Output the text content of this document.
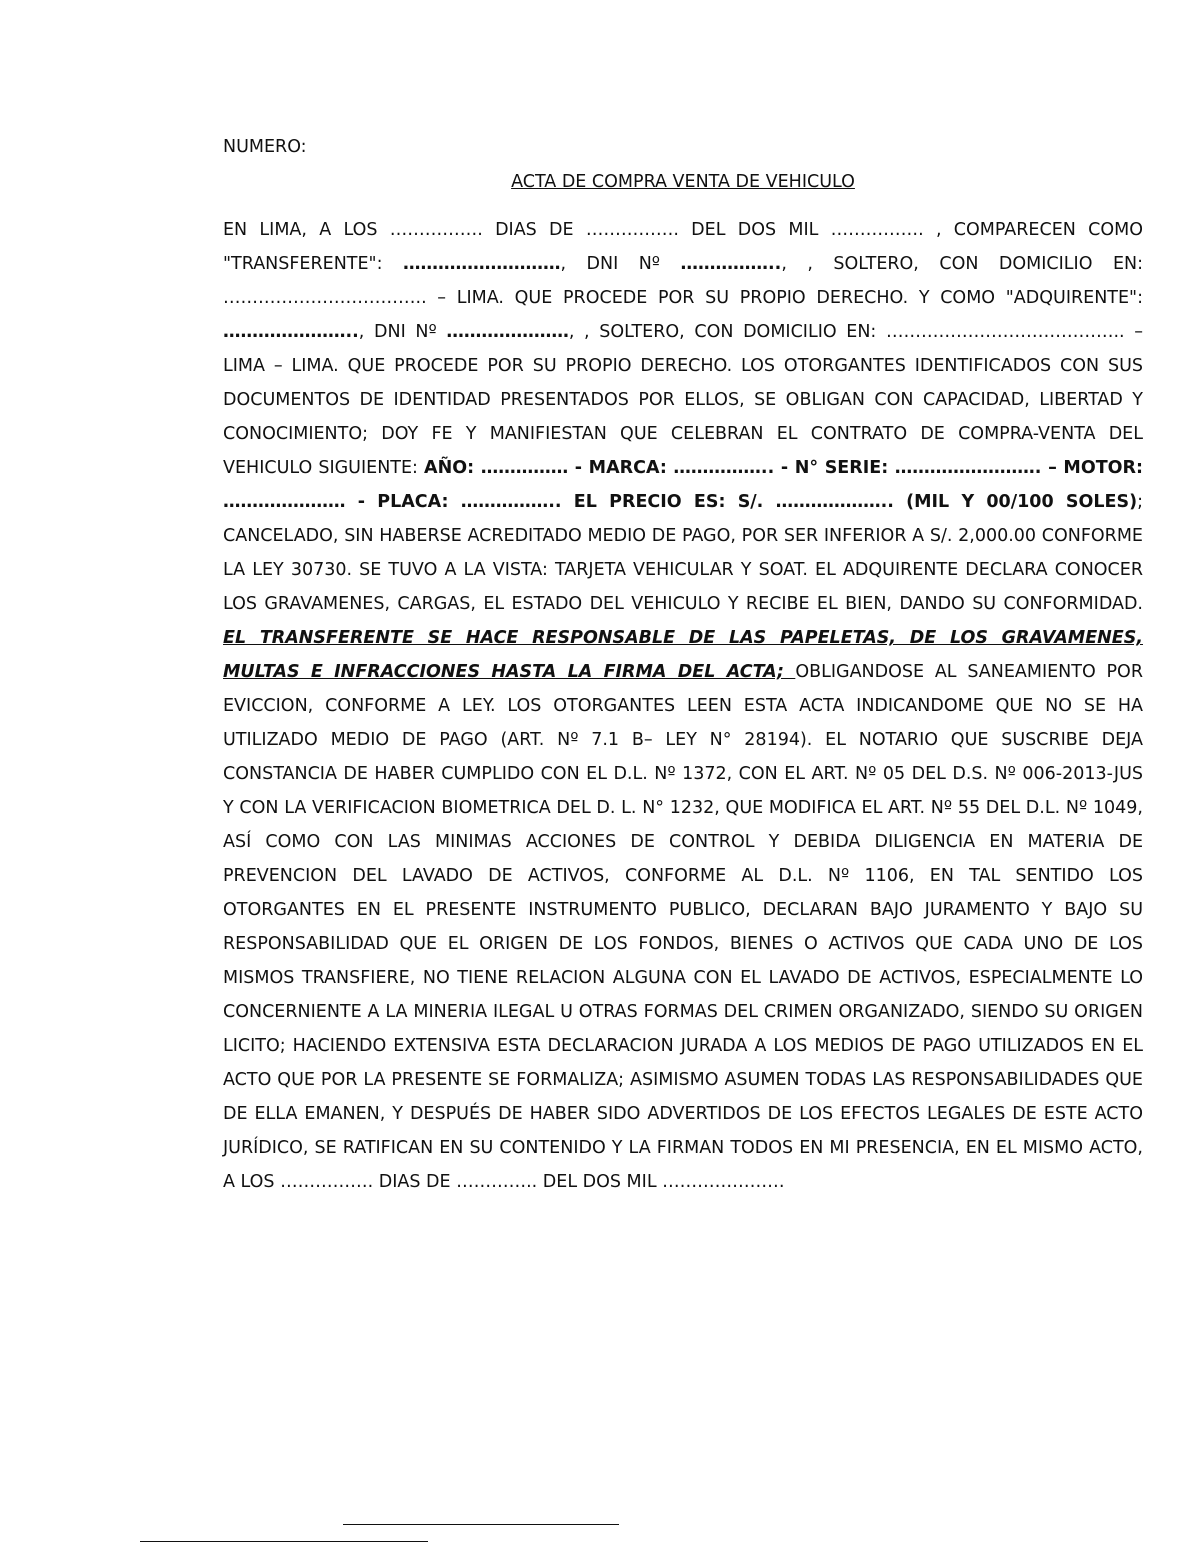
NUMERO:
ACTA DE COMPRA VENTA DE VEHICULO
EN LIMA, A LOS ……………. DIAS DE ……………. DEL DOS MIL ……………. , COMPARECEN COMO "TRANSFERENTE": ………………………, DNI Nº …………….., , SOLTERO, CON DOMICILIO EN: …………………………….. – LIMA. QUE PROCEDE POR SU PROPIO DERECHO. Y COMO "ADQUIRENTE": ………………….., DNI Nº …………………, , SOLTERO, CON DOMICILIO EN: ………………………………….. – LIMA – LIMA. QUE PROCEDE POR SU PROPIO DERECHO. LOS OTORGANTES IDENTIFICADOS CON SUS DOCUMENTOS DE IDENTIDAD PRESENTADOS POR ELLOS, SE OBLIGAN CON CAPACIDAD, LIBERTAD Y CONOCIMIENTO; DOY FE Y MANIFIESTAN QUE CELEBRAN EL CONTRATO DE COMPRA-VENTA DEL VEHICULO SIGUIENTE: AÑO: …………… - MARCA: …………….. - N° SERIE: ……………………. – MOTOR: ………………… - PLACA: …………….. EL PRECIO ES: S/. ……………….. (MIL Y 00/100 SOLES); CANCELADO, SIN HABERSE ACREDITADO MEDIO DE PAGO, POR SER INFERIOR A S/. 2,000.00 CONFORME LA LEY 30730. SE TUVO A LA VISTA: TARJETA VEHICULAR Y SOAT. EL ADQUIRENTE DECLARA CONOCER LOS GRAVAMENES, CARGAS, EL ESTADO DEL VEHICULO Y RECIBE EL BIEN, DANDO SU CONFORMIDAD. EL TRANSFERENTE SE HACE RESPONSABLE DE LAS PAPELETAS, DE LOS GRAVAMENES, MULTAS E INFRACCIONES HASTA LA FIRMA DEL ACTA; OBLIGANDOSE AL SANEAMIENTO POR EVICCION, CONFORME A LEY. LOS OTORGANTES LEEN ESTA ACTA INDICANDOME QUE NO SE HA UTILIZADO MEDIO DE PAGO (ART. Nº 7.1 B– LEY N° 28194). EL NOTARIO QUE SUSCRIBE DEJA CONSTANCIA DE HABER CUMPLIDO CON EL D.L. Nº 1372, CON EL ART. Nº 05 DEL D.S. Nº 006-2013-JUS Y CON LA VERIFICACION BIOMETRICA DEL D. L. N° 1232, QUE MODIFICA EL ART. Nº 55 DEL D.L. Nº 1049, ASÍ COMO CON LAS MINIMAS ACCIONES DE CONTROL Y DEBIDA DILIGENCIA EN MATERIA DE PREVENCION DEL LAVADO DE ACTIVOS, CONFORME AL D.L. Nº 1106, EN TAL SENTIDO LOS OTORGANTES EN EL PRESENTE INSTRUMENTO PUBLICO, DECLARAN BAJO JURAMENTO Y BAJO SU RESPONSABILIDAD QUE EL ORIGEN DE LOS FONDOS, BIENES O ACTIVOS QUE CADA UNO DE LOS MISMOS TRANSFIERE, NO TIENE RELACION ALGUNA CON EL LAVADO DE ACTIVOS, ESPECIALMENTE LO CONCERNIENTE A LA MINERIA ILEGAL U OTRAS FORMAS DEL CRIMEN ORGANIZADO, SIENDO SU ORIGEN LICITO; HACIENDO EXTENSIVA ESTA DECLARACION JURADA A LOS MEDIOS DE PAGO UTILIZADOS EN EL ACTO QUE POR LA PRESENTE SE FORMALIZA; ASIMISMO ASUMEN TODAS LAS RESPONSABILIDADES QUE DE ELLA EMANEN, Y DESPUÉS DE HABER SIDO ADVERTIDOS DE LOS EFECTOS LEGALES DE ESTE ACTO JURÍDICO, SE RATIFICAN EN SU CONTENIDO Y LA FIRMAN TODOS EN MI PRESENCIA, EN EL MISMO ACTO, A LOS ……………. DIAS DE ………….. DEL DOS MIL …………………
